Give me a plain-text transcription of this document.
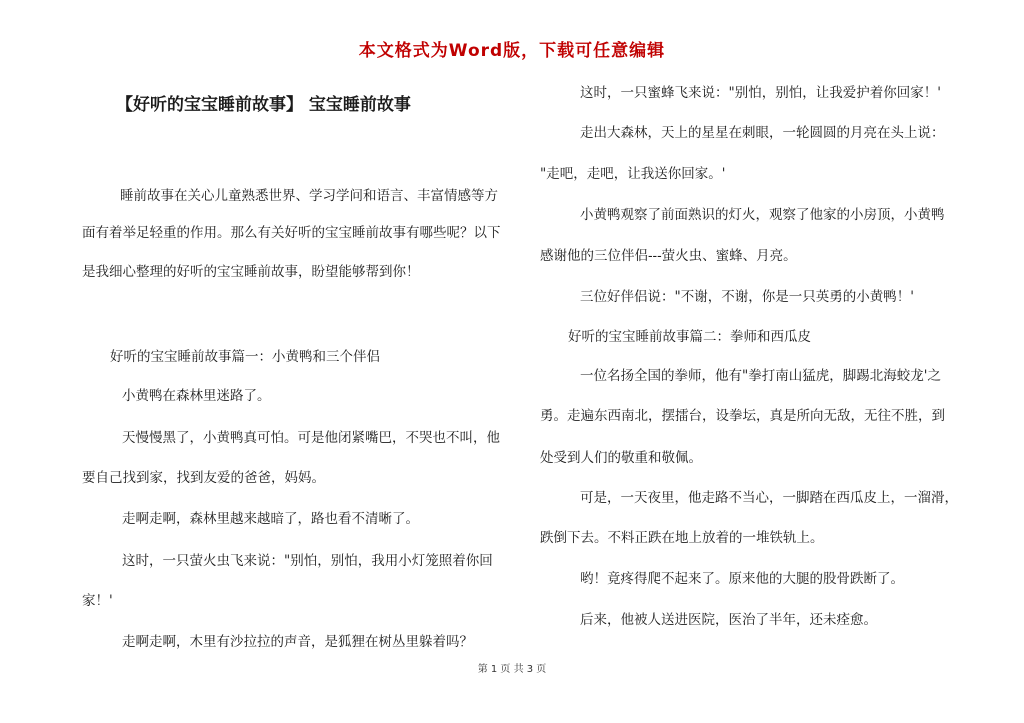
本文格式为Word版，下载可任意编辑
【好听的宝宝睡前故事】 宝宝睡前故事
睡前故事在关心儿童熟悉世界、学习学问和语言、丰富情感等方
面有着举足轻重的作用。那么有关好听的宝宝睡前故事有哪些呢？以下
是我细心整理的好听的宝宝睡前故事，盼望能够帮到你！
好听的宝宝睡前故事篇一：小黄鸭和三个伴侣
小黄鸭在森林里迷路了。
天慢慢黑了，小黄鸭真可怕。可是他闭紧嘴巴，不哭也不叫，他
要自己找到家，找到友爱的爸爸，妈妈。
走啊走啊，森林里越来越暗了，路也看不清晰了。
这时，一只萤火虫飞来说："别怕，别怕，我用小灯笼照着你回
家！'
走啊走啊，木里有沙拉拉的声音，是狐狸在树丛里躲着吗？
这时，一只蜜蜂飞来说："别怕，别怕，让我爱护着你回家！'
走出大森林，天上的星星在刺眼，一轮圆圆的月亮在头上说：
"走吧，走吧，让我送你回家。'
小黄鸭观察了前面熟识的灯火，观察了他家的小房顶，小黄鸭
感谢他的三位伴侣---萤火虫、蜜蜂、月亮。
三位好伴侣说："不谢，不谢，你是一只英勇的小黄鸭！'
好听的宝宝睡前故事篇二：拳师和西瓜皮
一位名扬全国的拳师，他有"拳打南山猛虎，脚踢北海蛟龙'之
勇。走遍东西南北，摆擂台，设拳坛，真是所向无敌，无往不胜，到
处受到人们的敬重和敬佩。
可是，一天夜里，他走路不当心，一脚踏在西瓜皮上，一溜滑，
跌倒下去。不料正跌在地上放着的一堆铁轨上。
哟！竟疼得爬不起来了。原来他的大腿的股骨跌断了。
后来，他被人送进医院，医治了半年，还未痊愈。
第 1 页 共 3 页
